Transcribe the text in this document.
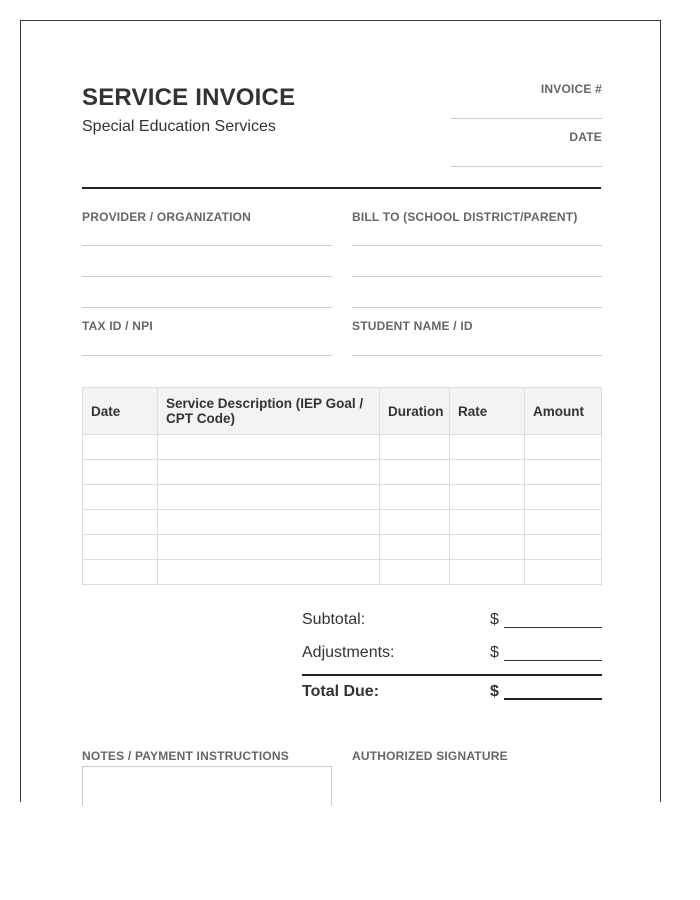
SERVICE INVOICE
Special Education Services
INVOICE #
DATE
PROVIDER / ORGANIZATION	BILL TO (SCHOOL DISTRICT/PARENT)
TAX ID / NPI	STUDENT NAME / ID
Date	Service Description (IEP Goal / CPT Code)	Duration	Rate	Amount

Subtotal:	$
Adjustments:	$
Total Due:	$
NOTES / PAYMENT INSTRUCTIONS	AUTHORIZED SIGNATURE
